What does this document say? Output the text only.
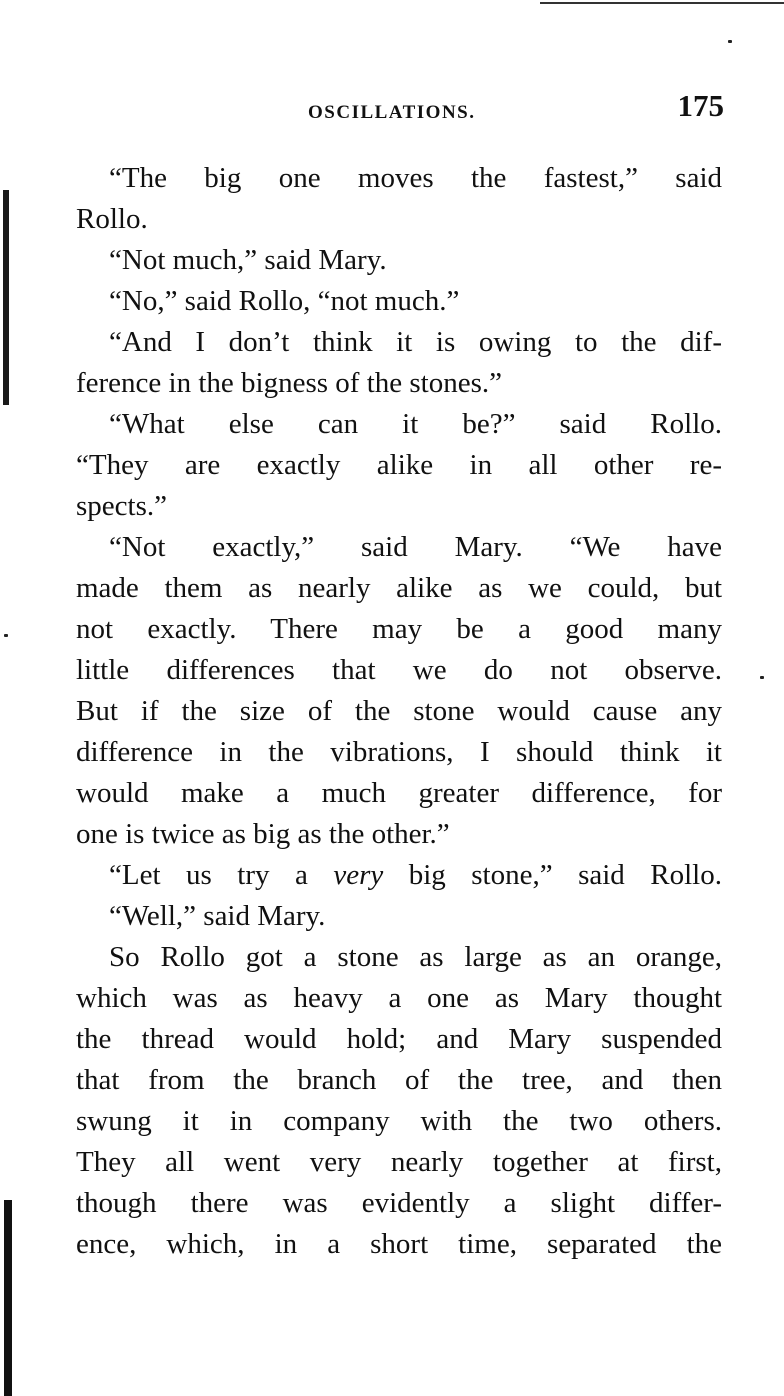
OSCILLATIONS.	175
“The big one moves the fastest,” said
Rollo.
“Not much,” said Mary.
“No,” said Rollo, “not much.”
“And I don’t think it is owing to the dif-
ference in the bigness of the stones.”
“What else can it be?” said Rollo.
“They are exactly alike in all other re-
spects.”
“Not exactly,” said Mary. “We have
made them as nearly alike as we could, but
not exactly. There may be a good many
little differences that we do not observe.
But if the size of the stone would cause any
difference in the vibrations, I should think it
would make a much greater difference, for
one is twice as big as the other.”
“Let us try a very big stone,” said Rollo.
“Well,” said Mary.
So Rollo got a stone as large as an orange,
which was as heavy a one as Mary thought
the thread would hold; and Mary suspended
that from the branch of the tree, and then
swung it in company with the two others.
They all went very nearly together at first,
though there was evidently a slight differ-
ence, which, in a short time, separated the
